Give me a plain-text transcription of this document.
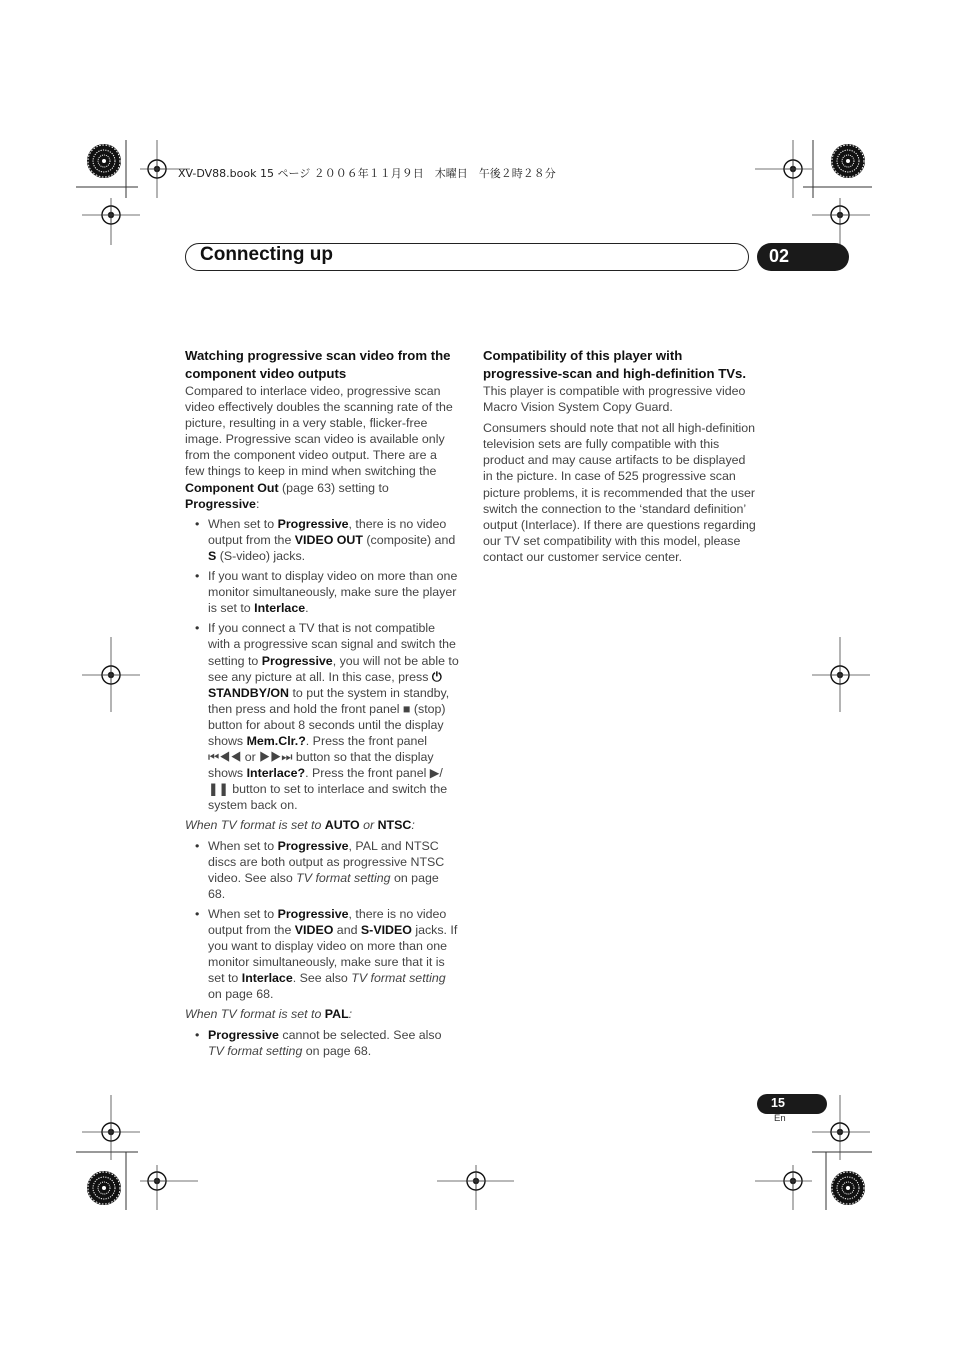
XV-DV88.book 15 ページ ２００６年１１月９日　木曜日　午後２時２８分
Connecting up	02
Watching progressive scan video from the component video outputs

Compared to interlace video, progressive scan video effectively doubles the scanning rate of the picture, resulting in a very stable, flicker-free image. Progressive scan video is available only from the component video output. There are a few things to keep in mind when switching the Component Out (page 63) setting to Progressive:

• When set to Progressive, there is no video output from the VIDEO OUT (composite) and S (S-video) jacks.
• If you want to display video on more than one monitor simultaneously, make sure the player is set to Interlace.
• If you connect a TV that is not compatible with a progressive scan signal and switch the setting to Progressive, you will not be able to see any picture at all. In this case, press ⏻ STANDBY/ON to put the system in standby, then press and hold the front panel ■ (stop) button for about 8 seconds until the display shows Mem.Clr.?. Press the front panel ⏮◀◀ or ▶▶⏭ button so that the display shows Interlace?. Press the front panel ▶/❚❚ button to set to interlace and switch the system back on.

When TV format is set to AUTO or NTSC:

• When set to Progressive, PAL and NTSC discs are both output as progressive NTSC video. See also TV format setting on page 68.
• When set to Progressive, there is no video output from the VIDEO and S-VIDEO jacks. If you want to display video on more than one monitor simultaneously, make sure that it is set to Interlace. See also TV format setting on page 68.

When TV format is set to PAL:

• Progressive cannot be selected. See also TV format setting on page 68.
Compatibility of this player with progressive-scan and high-definition TVs.

This player is compatible with progressive video Macro Vision System Copy Guard.

Consumers should note that not all high-definition television sets are fully compatible with this product and may cause artifacts to be displayed in the picture. In case of 525 progressive scan picture problems, it is recommended that the user switch the connection to the ‘standard definition’ output (Interlace). If there are questions regarding our TV set compatibility with this model, please contact our customer service center.

15
En
